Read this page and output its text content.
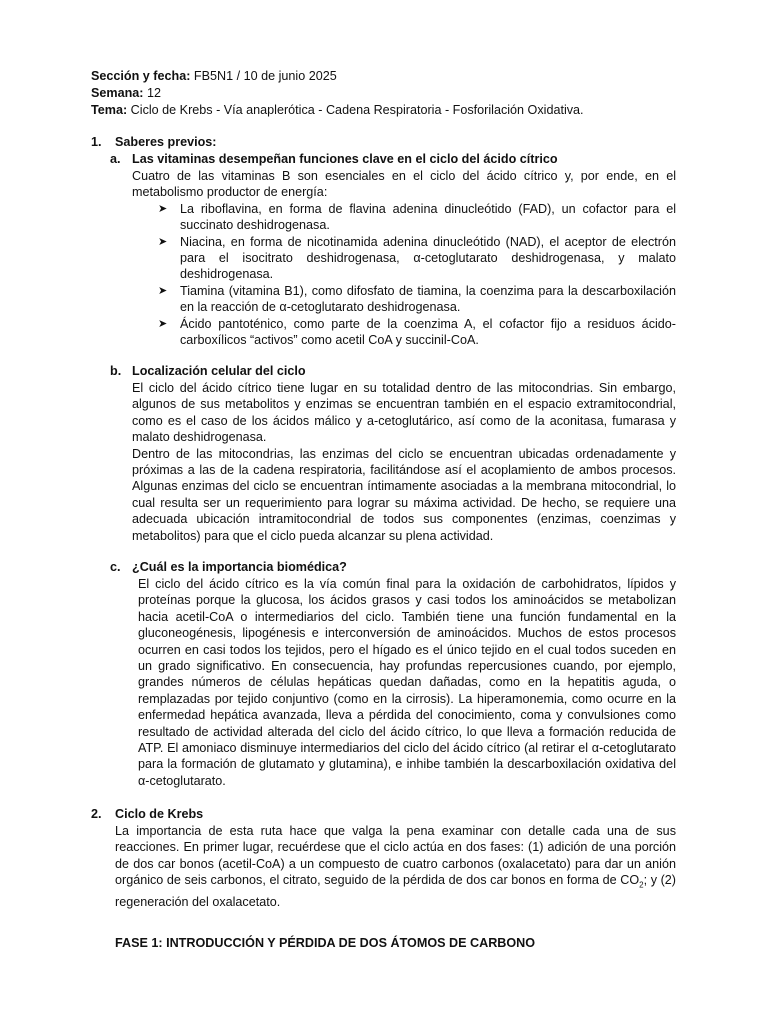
Sección y fecha: FB5N1 / 10 de junio 2025

Semana: 12

Tema: Ciclo de Krebs - Vía anaplerótica - Cadena Respiratoria - Fosforilación Oxidativa.

1. Saberes previos:
a. Las vitaminas desempeñan funciones clave en el ciclo del ácido cítrico

Cuatro de las vitaminas B son esenciales en el ciclo del ácido cítrico y, por ende, en el metabolismo productor de energía:

➤ La riboflavina, en forma de flavina adenina dinucleótido (FAD), un cofactor para el succinato deshidrogenasa.
➤ Niacina, en forma de nicotinamida adenina dinucleótido (NAD), el aceptor de electrón para el isocitrato deshidrogenasa, α-cetoglutarato deshidrogenasa, y malato deshidrogenasa.
➤ Tiamina (vitamina B1), como difosfato de tiamina, la coenzima para la descarboxilación en la reacción de α-cetoglutarato deshidrogenasa.
➤ Ácido pantoténico, como parte de la coenzima A, el cofactor fijo a residuos ácido-carboxílicos “activos” como acetil CoA y succinil-CoA.
b. Localización celular del ciclo

El ciclo del ácido cítrico tiene lugar en su totalidad dentro de las mitocondrias. Sin embargo, algunos de sus metabolitos y enzimas se encuentran también en el espacio extramitocondrial, como es el caso de los ácidos málico y a-cetoglutárico, así como de la aconitasa, fumarasa y malato deshidrogenasa.

Dentro de las mitocondrias, las enzimas del ciclo se encuentran ubicadas ordenadamente y próximas a las de la cadena respiratoria, facilitándose así el acoplamiento de ambos procesos. Algunas enzimas del ciclo se encuentran íntimamente asociadas a la membrana mitocondrial, lo cual resulta ser un requerimiento para lograr su máxima actividad. De hecho, se requiere una adecuada ubicación intramitocondrial de todos sus componentes (enzimas, coenzimas y metabolitos) para que el ciclo pueda alcanzar su plena actividad.

c. ¿Cuál es la importancia biomédica?

El ciclo del ácido cítrico es la vía común final para la oxidación de carbohidratos, lípidos y proteínas porque la glucosa, los ácidos grasos y casi todos los aminoácidos se metabolizan hacia acetil-CoA o intermediarios del ciclo. También tiene una función fundamental en la gluconeogénesis, lipogénesis e interconversión de aminoácidos. Muchos de estos procesos ocurren en casi todos los tejidos, pero el hígado es el único tejido en el cual todos suceden en un grado significativo. En consecuencia, hay profundas repercusiones cuando, por ejemplo, grandes números de células hepáticas quedan dañadas, como en la hepatitis aguda, o remplazadas por tejido conjuntivo (como en la cirrosis). La hiperamonemia, como ocurre en la enfermedad hepática avanzada, lleva a pérdida del conocimiento, coma y convulsiones como resultado de actividad alterada del ciclo del ácido cítrico, lo que lleva a formación reducida de ATP. El amoniaco disminuye intermediarios del ciclo del ácido cítrico (al retirar el α-cetoglutarato para la formación de glutamato y glutamina), e inhibe también la descarboxilación oxidativa del α-cetoglutarato.

2. Ciclo de Krebs

La importancia de esta ruta hace que valga la pena examinar con detalle cada una de sus reacciones. En primer lugar, recuérdese que el ciclo actúa en dos fases: (1) adición de una porción de dos car bonos (acetil-CoA) a un compuesto de cuatro carbonos (oxalacetato) para dar un anión orgánico de seis carbonos, el citrato, seguido de la pérdida de dos car bonos en forma de $CO_2$; y (2) regeneración del oxalacetato.

FASE 1: INTRODUCCIÓN Y PÉRDIDA DE DOS ÁTOMOS DE CARBONO
